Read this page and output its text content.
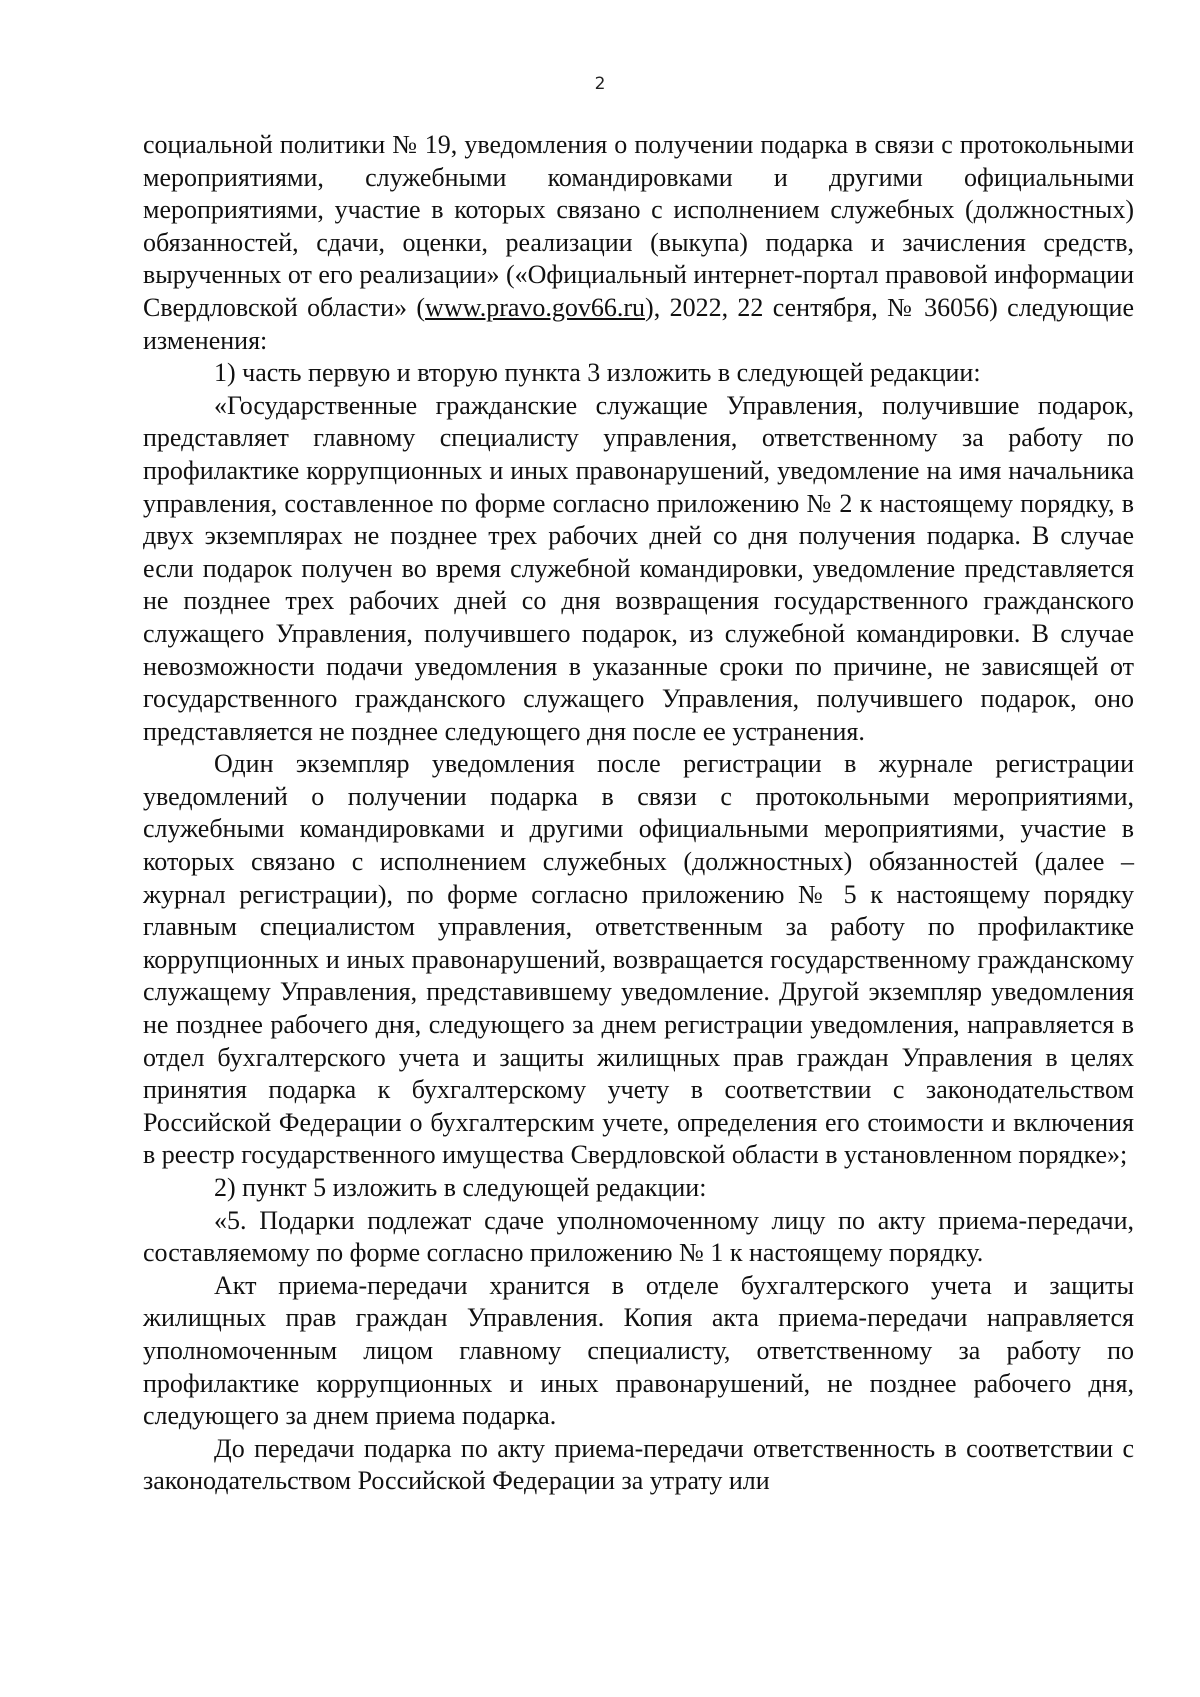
2

социальной политики № 19, уведомления о получении подарка в связи с протокольными мероприятиями, служебными командировками и другими официальными мероприятиями, участие в которых связано с исполнением служебных (должностных) обязанностей, сдачи, оценки, реализации (выкупа) подарка и зачисления средств, вырученных от его реализации» («Официальный интернет-портал правовой информации Свердловской области» (www.pravo.gov66.ru), 2022, 22 сентября, № 36056) следующие изменения:

1) часть первую и вторую пункта 3 изложить в следующей редакции:

«Государственные гражданские служащие Управления, получившие подарок, представляет главному специалисту управления, ответственному за работу по профилактике коррупционных и иных правонарушений, уведомление на имя начальника управления, составленное по форме согласно приложению № 2 к настоящему порядку, в двух экземплярах не позднее трех рабочих дней со дня получения подарка. В случае если подарок получен во время служебной командировки, уведомление представляется не позднее трех рабочих дней со дня возвращения государственного гражданского служащего Управления, получившего подарок, из служебной командировки. В случае невозможности подачи уведомления в указанные сроки по причине, не зависящей от государственного гражданского служащего Управления, получившего подарок, оно представляется не позднее следующего дня после ее устранения.

Один экземпляр уведомления после регистрации в журнале регистрации уведомлений о получении подарка в связи с протокольными мероприятиями, служебными командировками и другими официальными мероприятиями, участие в которых связано с исполнением служебных (должностных) обязанностей (далее – журнал регистрации), по форме согласно приложению № 5 к настоящему порядку главным специалистом управления, ответственным за работу по профилактике коррупционных и иных правонарушений, возвращается государственному гражданскому служащему Управления, представившему уведомление. Другой экземпляр уведомления не позднее рабочего дня, следующего за днем регистрации уведомления, направляется в отдел бухгалтерского учета и защиты жилищных прав граждан Управления в целях принятия подарка к бухгалтерскому учету в соответствии с законодательством Российской Федерации о бухгалтерским учете, определения его стоимости и включения в реестр государственного имущества Свердловской области в установленном порядке»;

2) пункт 5 изложить в следующей редакции:

«5. Подарки подлежат сдаче уполномоченному лицу по акту приема-передачи, составляемому по форме согласно приложению № 1 к настоящему порядку.

Акт приема-передачи хранится в отделе бухгалтерского учета и защиты жилищных прав граждан Управления. Копия акта приема-передачи направляется уполномоченным лицом главному специалисту, ответственному за работу по профилактике коррупционных и иных правонарушений, не позднее рабочего дня, следующего за днем приема подарка.

До передачи подарка по акту приема-передачи ответственность в соответствии с законодательством Российской Федерации за утрату или
